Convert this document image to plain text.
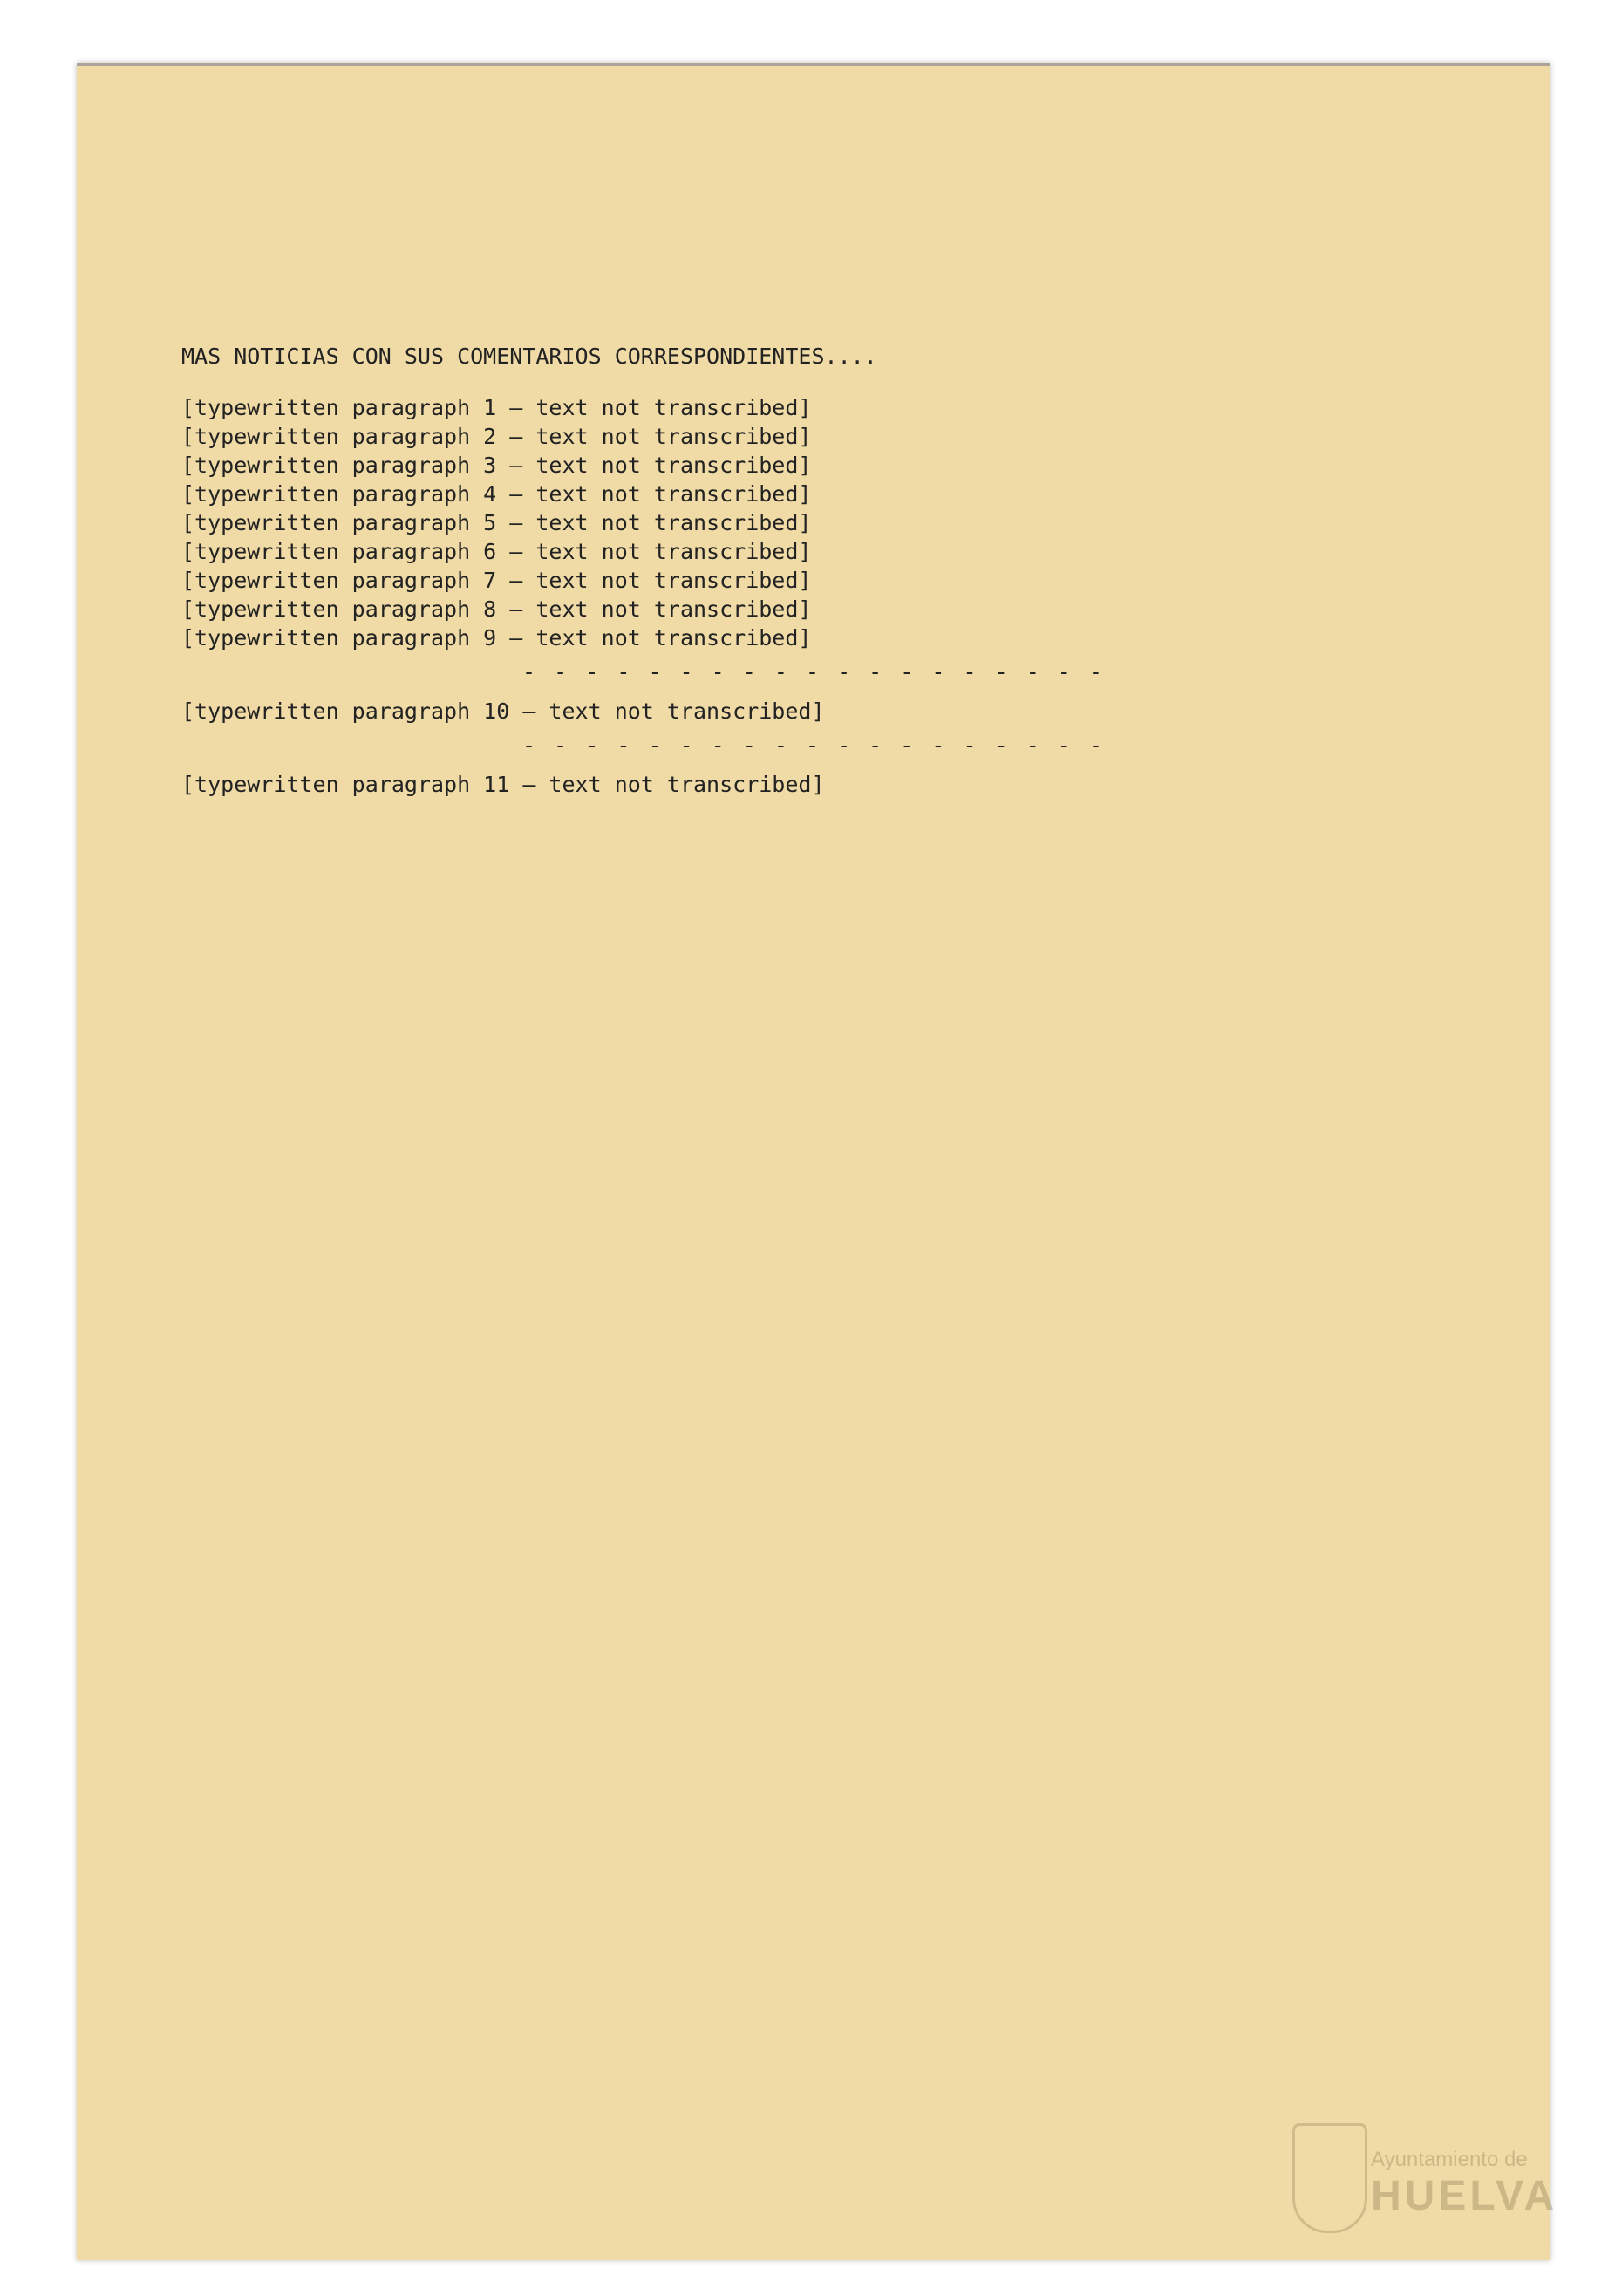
MAS NOTICIAS CON SUS COMENTARIOS CORRESPONDIENTES....

[typewritten paragraph 1 — text not transcribed]

[typewritten paragraph 2 — text not transcribed]

[typewritten paragraph 3 — text not transcribed]

[typewritten paragraph 4 — text not transcribed]

[typewritten paragraph 5 — text not transcribed]

[typewritten paragraph 6 — text not transcribed]

[typewritten paragraph 7 — text not transcribed]

[typewritten paragraph 8 — text not transcribed]

[typewritten paragraph 9 — text not transcribed]

- - - - - - - - - - - - - - - - - - -

[typewritten paragraph 10 — text not transcribed]

- - - - - - - - - - - - - - - - - - -

[typewritten paragraph 11 — text not transcribed]

Ayuntamiento de
HUELVA
